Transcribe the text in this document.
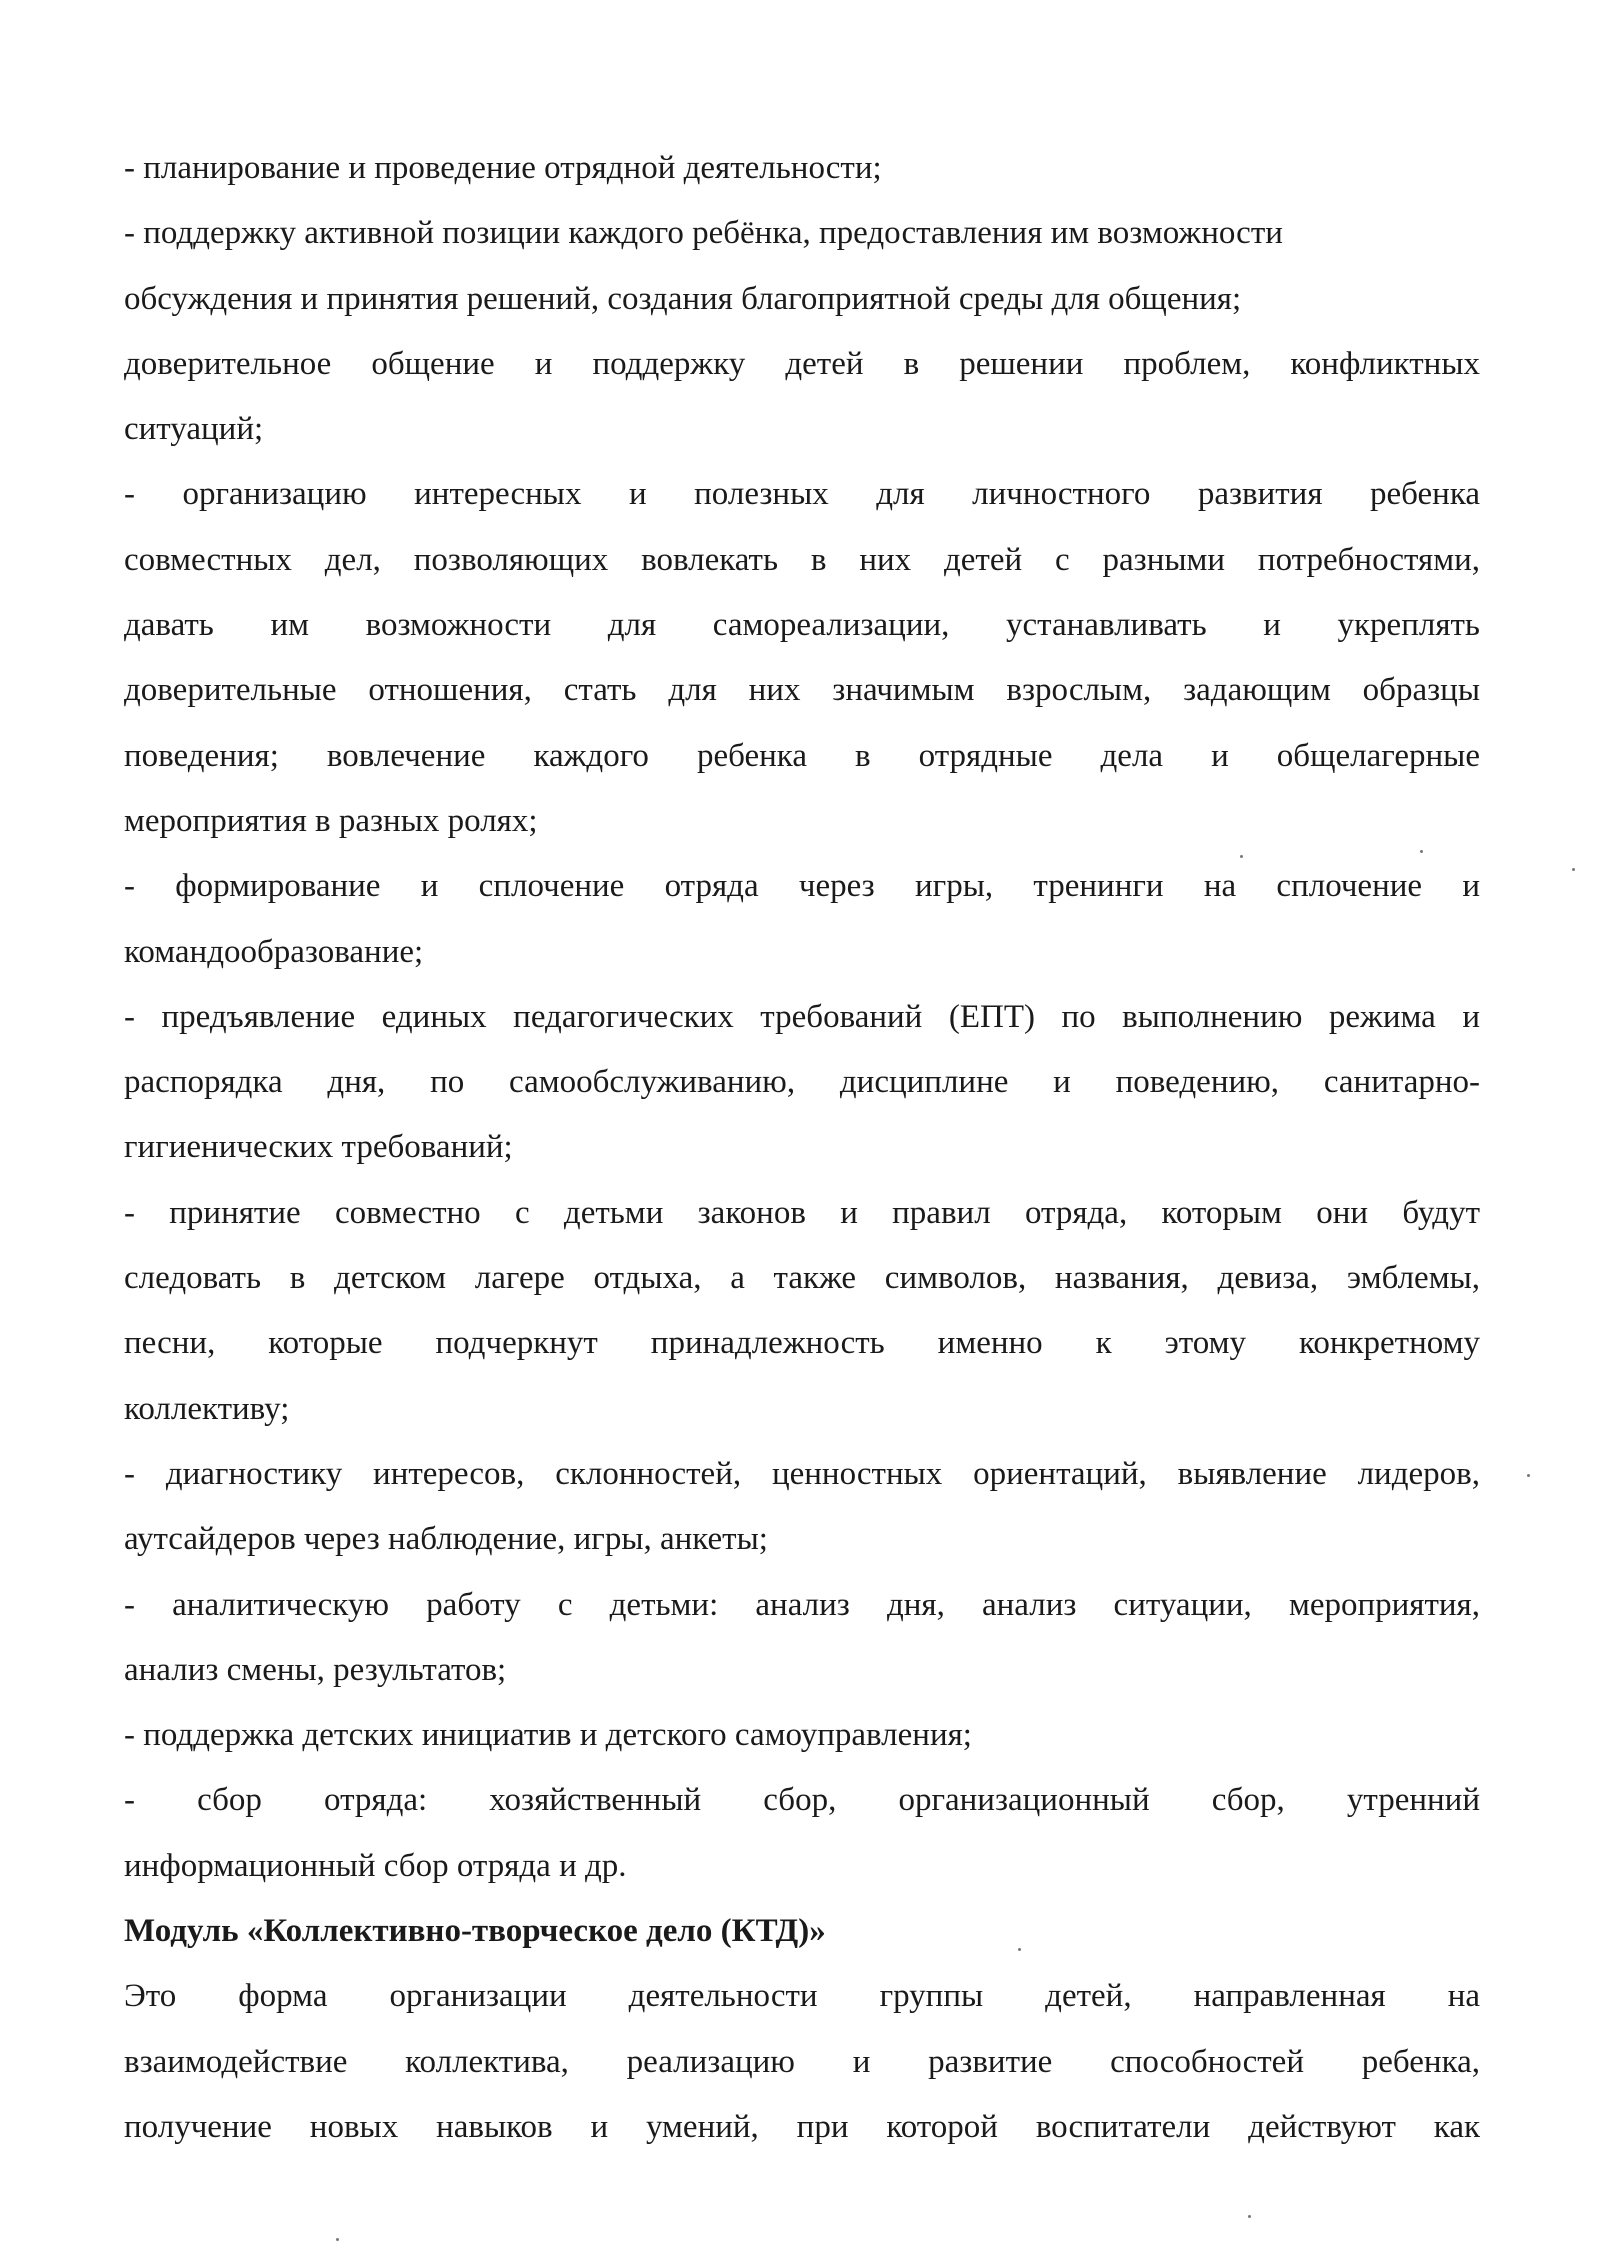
- планирование и проведение отрядной деятельности;
- поддержку активной позиции каждого ребёнка, предоставления им возможности
обсуждения и принятия решений, создания благоприятной среды для общения;
доверительное общение и поддержку детей в решении проблем, конфликтных
ситуаций;
- организацию интересных и полезных для личностного развития ребенка
совместных дел, позволяющих вовлекать в них детей с разными потребностями,
давать им возможности для самореализации, устанавливать и укреплять
доверительные отношения, стать для них значимым взрослым, задающим образцы
поведения; вовлечение каждого ребенка в отрядные дела и общелагерные
мероприятия в разных ролях;
- формирование и сплочение отряда через игры, тренинги на сплочение и
командообразование;
- предъявление единых педагогических требований (ЕПТ) по выполнению режима и
распорядка дня, по самообслуживанию, дисциплине и поведению, санитарно-
гигиенических требований;
- принятие совместно с детьми законов и правил отряда, которым они будут
следовать в детском лагере отдыха, а также символов, названия, девиза, эмблемы,
песни, которые подчеркнут принадлежность именно к этому конкретному
коллективу;
- диагностику интересов, склонностей, ценностных ориентаций, выявление лидеров,
аутсайдеров через наблюдение, игры, анкеты;
- аналитическую работу с детьми: анализ дня, анализ ситуации, мероприятия,
анализ смены, результатов;
- поддержка детских инициатив и детского самоуправления;
- сбор отряда: хозяйственный сбор, организационный сбор, утренний
информационный сбор отряда и др.
Модуль «Коллективно-творческое дело (КТД)»
Это форма организации деятельности группы детей, направленная на
взаимодействие коллектива, реализацию и развитие способностей ребенка,
получение новых навыков и умений, при которой воспитатели действуют как
